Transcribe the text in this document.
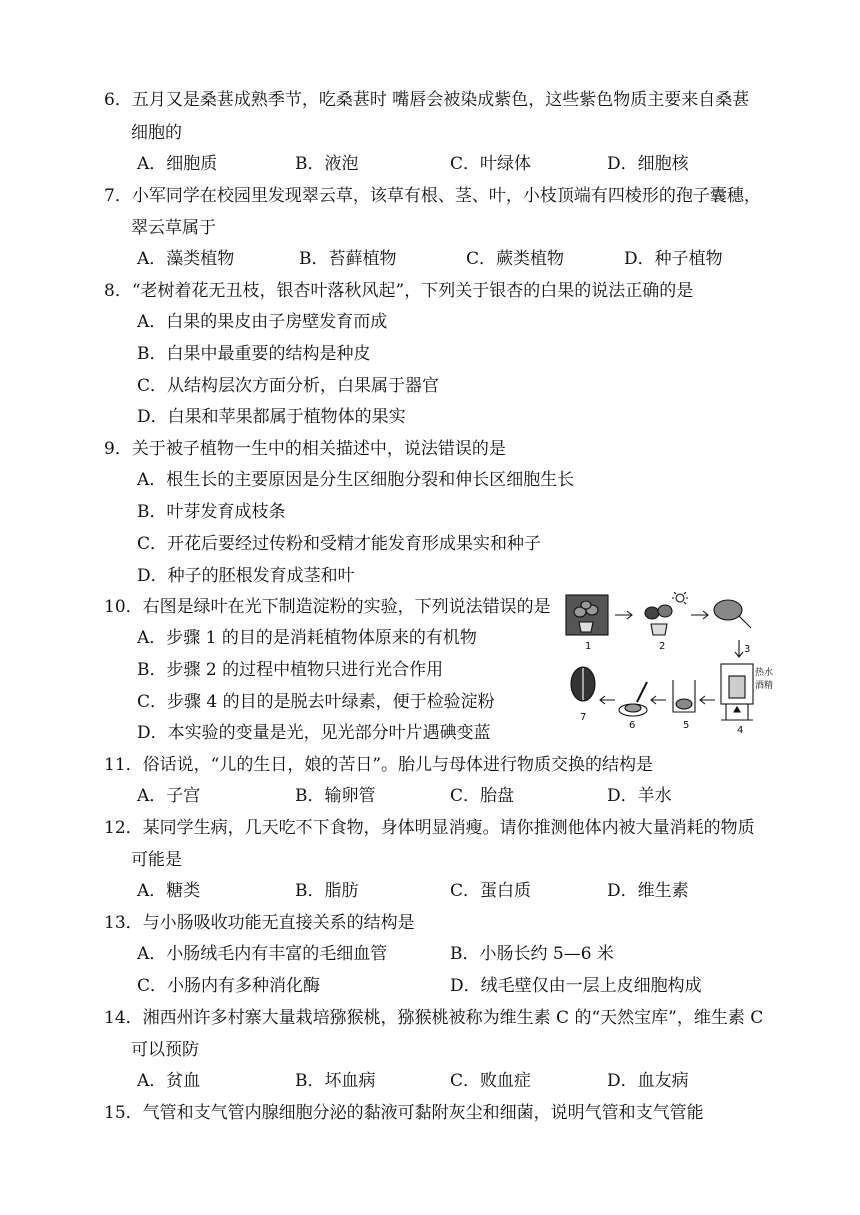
6．五月又是桑葚成熟季节，吃桑葚时 嘴唇会被染成紫色，这些紫色物质主要来自桑葚
细胞的
A．细胞质	B．液泡	C．叶绿体	D．细胞核
7．小军同学在校园里发现翠云草，该草有根、茎、叶，小枝顶端有四棱形的孢子囊穗，
翠云草属于
A．藻类植物	B．苔藓植物	C．蕨类植物	D．种子植物
8．“老树着花无丑枝，银杏叶落秋风起”，下列关于银杏的白果的说法正确的是
A．白果的果皮由子房壁发育而成
B．白果中最重要的结构是种皮
C．从结构层次方面分析，白果属于器官
D．白果和苹果都属于植物体的果实
9．关于被子植物一生中的相关描述中，说法错误的是
A．根生长的主要原因是分生区细胞分裂和伸长区细胞生长
B．叶芽发育成枝条
C．开花后要经过传粉和受精才能发育形成果实和种子
D．种子的胚根发育成茎和叶
10．右图是绿叶在光下制造淀粉的实验，下列说法错误的是
A．步骤 1 的目的是消耗植物体原来的有机物
B．步骤 2 的过程中植物只进行光合作用
C．步骤 4 的目的是脱去叶绿素，便于检验淀粉
D．本实验的变量是光，见光部分叶片遇碘变蓝
1	2	3
4
5
6
7
热水
酒精
11．俗话说，“儿的生日，娘的苦日”。胎儿与母体进行物质交换的结构是
A．子宫	B．输卵管	C．胎盘	D．羊水
12．某同学生病，几天吃不下食物，身体明显消瘦。请你推测他体内被大量消耗的物质
可能是
A．糖类	B．脂肪	C．蛋白质	D．维生素
13．与小肠吸收功能无直接关系的结构是
A．小肠绒毛内有丰富的毛细血管	B．小肠长约 5—6 米
C．小肠内有多种消化酶	D．绒毛壁仅由一层上皮细胞构成
14．湘西州许多村寨大量栽培猕猴桃，猕猴桃被称为维生素 C 的“天然宝库”，维生素 C
可以预防
A．贫血	B．坏血病	C．败血症	D．血友病
15．气管和支气管内腺细胞分泌的黏液可黏附灰尘和细菌，说明气管和支气管能
